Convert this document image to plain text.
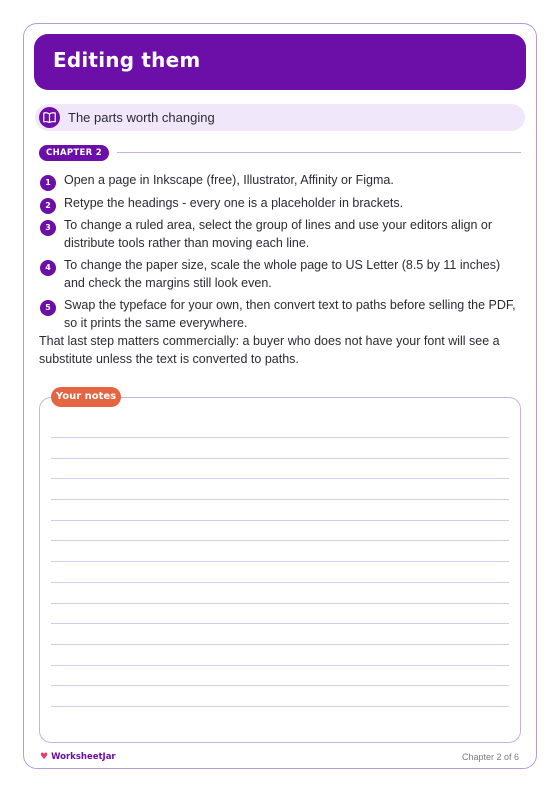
Editing them
The parts worth changing
CHAPTER 2
1	Open a page in Inkscape (free), Illustrator, Affinity or Figma.
2	Retype the headings - every one is a placeholder in brackets.
3	To change a ruled area, select the group of lines and use your editors align or distribute tools rather than moving each line.
4	To change the paper size, scale the whole page to US Letter (8.5 by 11 inches) and check the margins still look even.
5	Swap the typeface for your own, then convert text to paths before selling the PDF, so it prints the same everywhere.
That last step matters commercially: a buyer who does not have your font will see a substitute unless the text is converted to paths.
Your notes
♥ WorksheetJar	Chapter 2 of 6
